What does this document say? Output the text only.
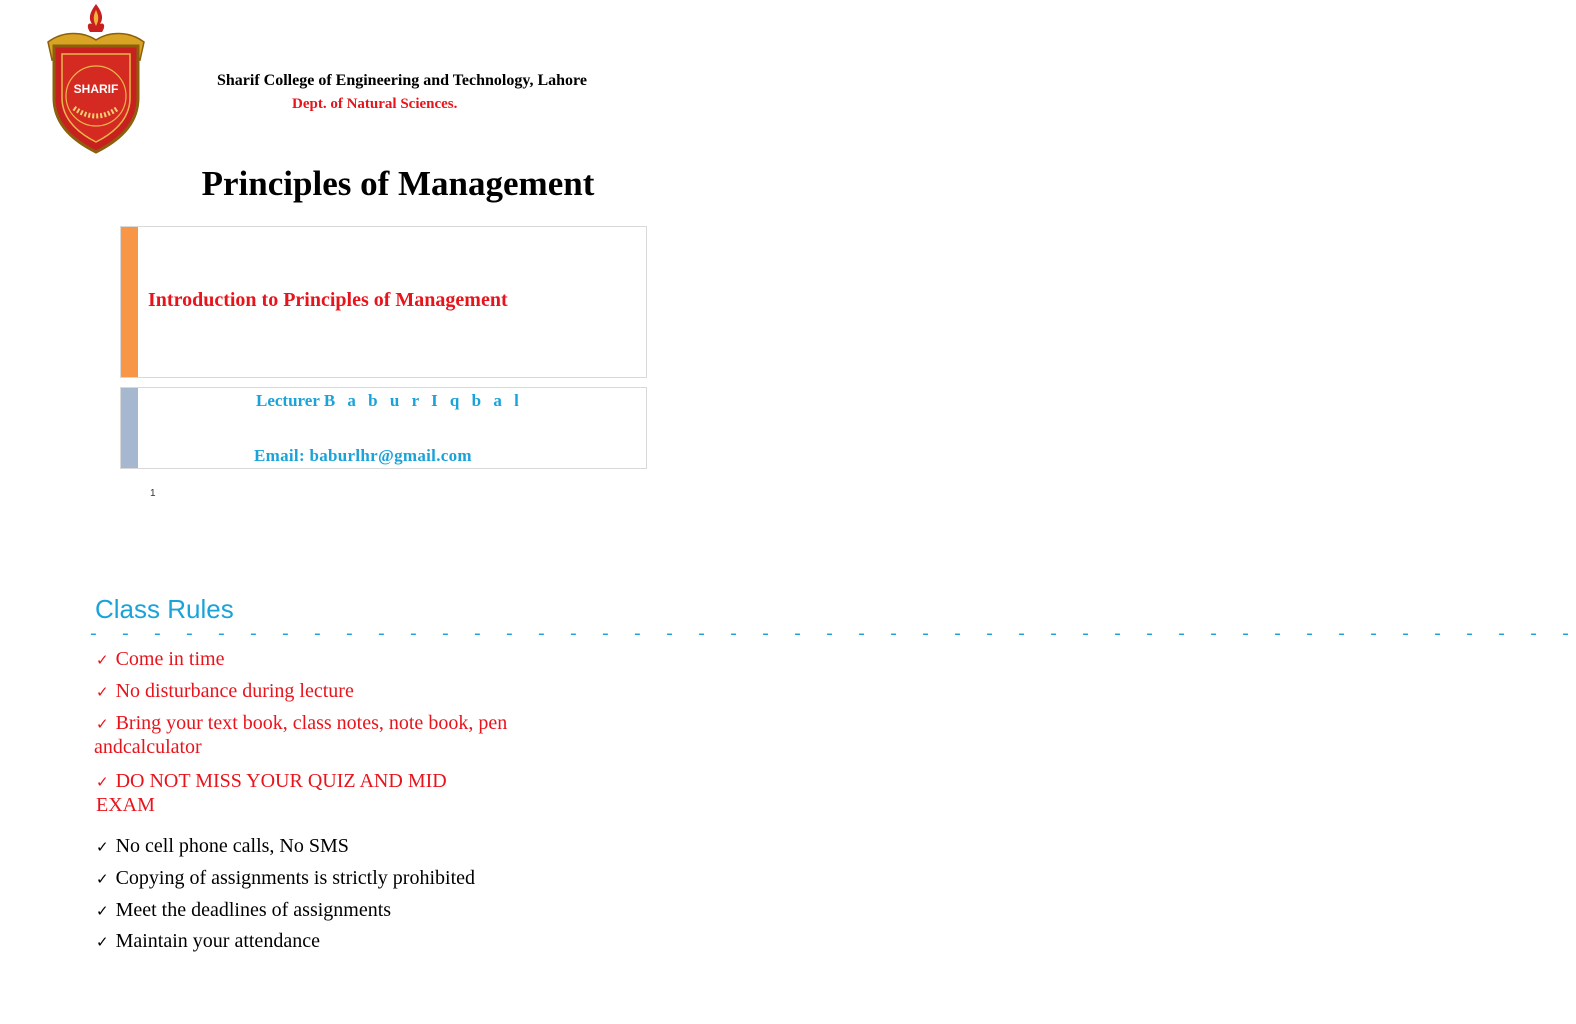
SHARIF	Sharif College of Engineering and Technology, Lahore
Dept. of Natural Sciences.
Principles of Management
Introduction to Principles of Management
Lecturer B a b u r I q b a l
Email: baburlhr@gmail.com
1
Class Rules
- - - - - - - - - - - - - - - - - - - - - - - - - - - - - - - - - - - - - - - - - - - - - - -
✓ Come in time
✓ No disturbance during lecture
✓ Bring your text book, class notes, note book, pen
andcalculator
✓ DO NOT MISS YOUR QUIZ AND MID
EXAM
✓ No cell phone calls, No SMS
✓ Copying of assignments is strictly prohibited
✓ Meet the deadlines of assignments
✓ Maintain your attendance
